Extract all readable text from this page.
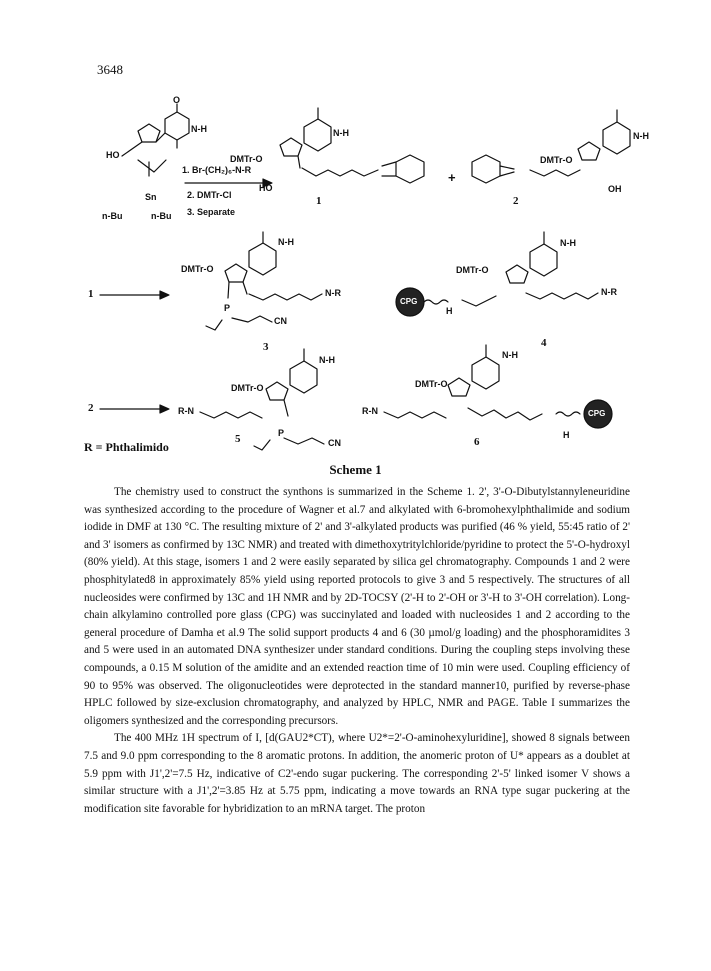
3648
HO
Sn
n-Bu	n-Bu
N-H
O
1. Br-(CH₂)₆-N-R
2. DMTr-Cl
3. Separate
DMTr-O
N-H
HO
1
+
DMTr-O
N-H
OH
2
1
DMTr-O
N-H
N-R
P
CN
3
CPG
DMTr-O
N-H
N-R
H
4
2	R-N
DMTr-O
N-H
P
CN
5
R-N
DMTr-O
N-H
H
CPG
6
R = Phthalimido
Scheme 1

The chemistry used to construct the synthons is summarized in the Scheme 1. 2', 3'-O-Dibutylstannyleneuridine was synthesized according to the procedure of Wagner et al.7 and alkylated with 6-bromohexylphthalimide and sodium iodide in DMF at 130 °C. The resulting mixture of 2' and 3'-alkylated products was purified (46 % yield, 55:45 ratio of 2' and 3' isomers as confirmed by 13C NMR) and treated with dimethoxytritylchloride/pyridine to protect the 5'-O-hydroxyl (80% yield). At this stage, isomers 1 and 2 were easily separated by silica gel chromatography. Compounds 1 and 2 were phosphitylated8 in approximately 85% yield using reported protocols to give 3 and 5 respectively. The structures of all nucleosides were confirmed by 13C and 1H NMR and by 2D-TOCSY (2'-H to 2'-OH or 3'-H to 3'-OH correlation). Long-chain alkylamino controlled pore glass (CPG) was succinylated and loaded with nucleosides 1 and 2 according to the general procedure of Damha et al.9 The solid support products 4 and 6 (30 µmol/g loading) and the phosphoramidites 3 and 5 were used in an automated DNA synthesizer under standard conditions. During the coupling steps involving these compounds, a 0.15 M solution of the amidite and an extended reaction time of 10 min were used. Coupling efficiency of 90 to 95% was observed. The oligonucleotides were deprotected in the standard manner10, purified by reverse-phase HPLC followed by size-exclusion chromatography, and analyzed by HPLC, NMR and PAGE. Table I summarizes the oligomers synthesized and the corresponding precursors.

The 400 MHz 1H spectrum of I, [d(GAU2*CT), where U2*=2'-O-aminohexyluridine], showed 8 signals between 7.5 and 9.0 ppm corresponding to the 8 aromatic protons. In addition, the anomeric proton of U* appears as a doublet at 5.9 ppm with J1',2'=7.5 Hz, indicative of C2'-endo sugar puckering. The corresponding 2'-5' linked isomer V shows a similar structure with a J1',2'=3.85 Hz at 5.75 ppm, indicating a move towards an RNA type sugar puckering at the modification site favorable for hybridization to an mRNA target. The proton
